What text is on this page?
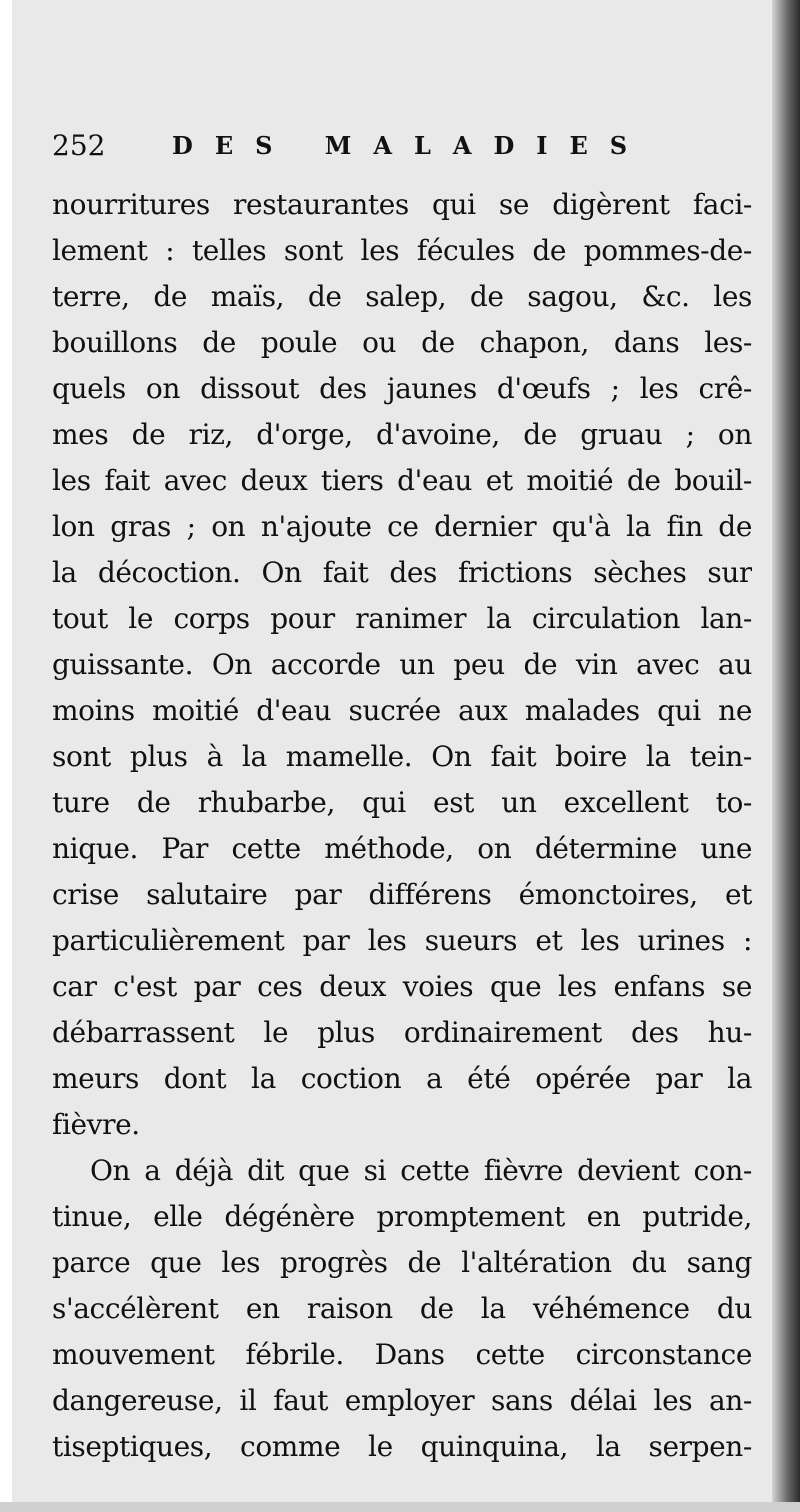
252	DES MALADIES
nourritures restaurantes qui se digèrent faci-
lement : telles sont les fécules de pommes-de-
terre, de maïs, de salep, de sagou, &c. les
bouillons de poule ou de chapon, dans les-
quels on dissout des jaunes d'œufs ; les crê-
mes de riz, d'orge, d'avoine, de gruau ; on
les fait avec deux tiers d'eau et moitié de bouil-
lon gras ; on n'ajoute ce dernier qu'à la fin de
la décoction. On fait des frictions sèches sur
tout le corps pour ranimer la circulation lan-
guissante. On accorde un peu de vin avec au
moins moitié d'eau sucrée aux malades qui ne
sont plus à la mamelle. On fait boire la tein-
ture de rhubarbe, qui est un excellent to-
nique. Par cette méthode, on détermine une
crise salutaire par différens émonctoires, et
particulièrement par les sueurs et les urines :
car c'est par ces deux voies que les enfans se
débarrassent le plus ordinairement des hu-
meurs dont la coction a été opérée par la
fièvre.
On a déjà dit que si cette fièvre devient con-
tinue, elle dégénère promptement en putride,
parce que les progrès de l'altération du sang
s'accélèrent en raison de la véhémence du
mouvement fébrile. Dans cette circonstance
dangereuse, il faut employer sans délai les an-
tiseptiques, comme le quinquina, la serpen-
